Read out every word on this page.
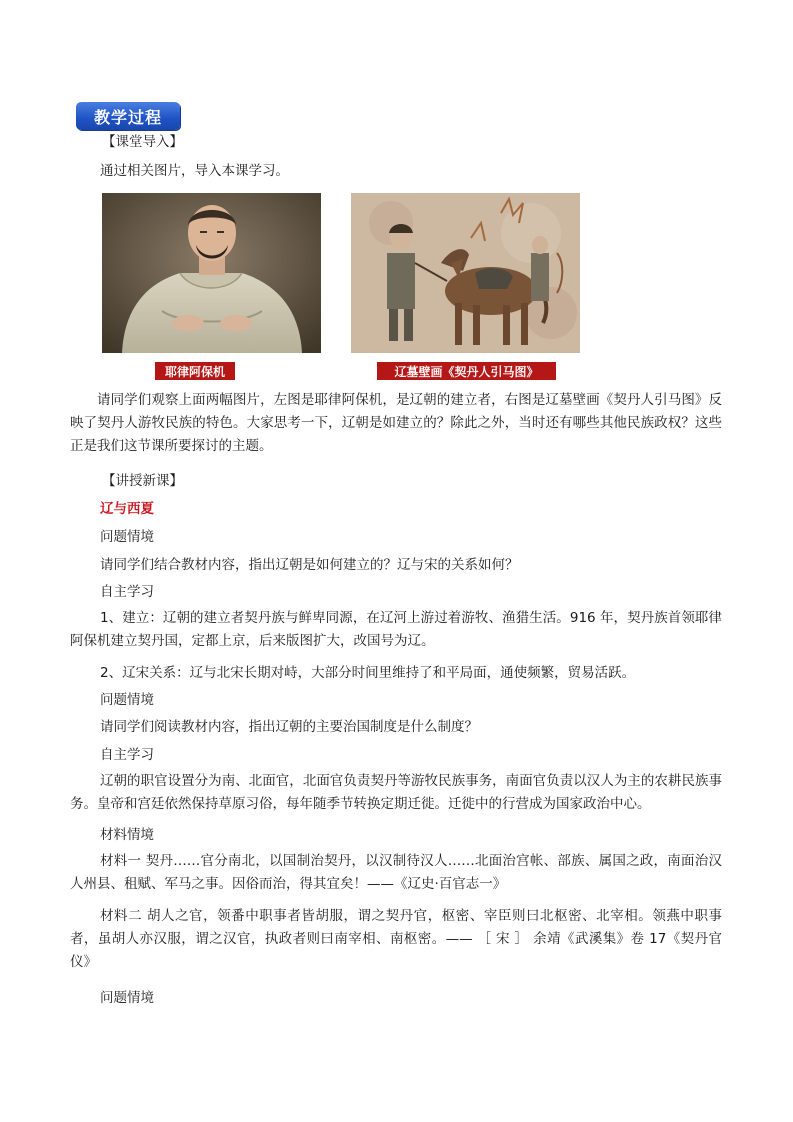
教学过程
【课堂导入】
通过相关图片，导入本课学习。
耶律阿保机	辽墓壁画《契丹人引马图》
请同学们观察上面两幅图片，左图是耶律阿保机，是辽朝的建立者，右图是辽墓壁画《契丹人引马图》反映了契丹人游牧民族的特色。大家思考一下，辽朝是如建立的？除此之外，当时还有哪些其他民族政权？这些正是我们这节课所要探讨的主题。
【讲授新课】
辽与西夏
问题情境
请同学们结合教材内容，指出辽朝是如何建立的？辽与宋的关系如何？
自主学习
1、建立：辽朝的建立者契丹族与鲜卑同源，在辽河上游过着游牧、渔猎生活。916 年，契丹族首领耶律阿保机建立契丹国，定都上京，后来版图扩大，改国号为辽。
2、辽宋关系：辽与北宋长期对峙，大部分时间里维持了和平局面，通使频繁，贸易活跃。
问题情境
请同学们阅读教材内容，指出辽朝的主要治国制度是什么制度？
自主学习
辽朝的职官设置分为南、北面官，北面官负责契丹等游牧民族事务，南面官负责以汉人为主的农耕民族事务。皇帝和宫廷依然保持草原习俗，每年随季节转换定期迁徙。迁徙中的行营成为国家政治中心。
材料情境
材料一 契丹……官分南北，以国制治契丹，以汉制待汉人……北面治宫帐、部族、属国之政，南面治汉人州县、租赋、军马之事。因俗而治，得其宜矣！——《辽史·百官志一》
材料二 胡人之官，领番中职事者皆胡服，谓之契丹官，枢密、宰臣则曰北枢密、北宰相。领燕中职事者，虽胡人亦汉服，谓之汉官，执政者则曰南宰相、南枢密。—— ［ 宋 ］ 余靖《武溪集》卷 17《契丹官仪》
问题情境
